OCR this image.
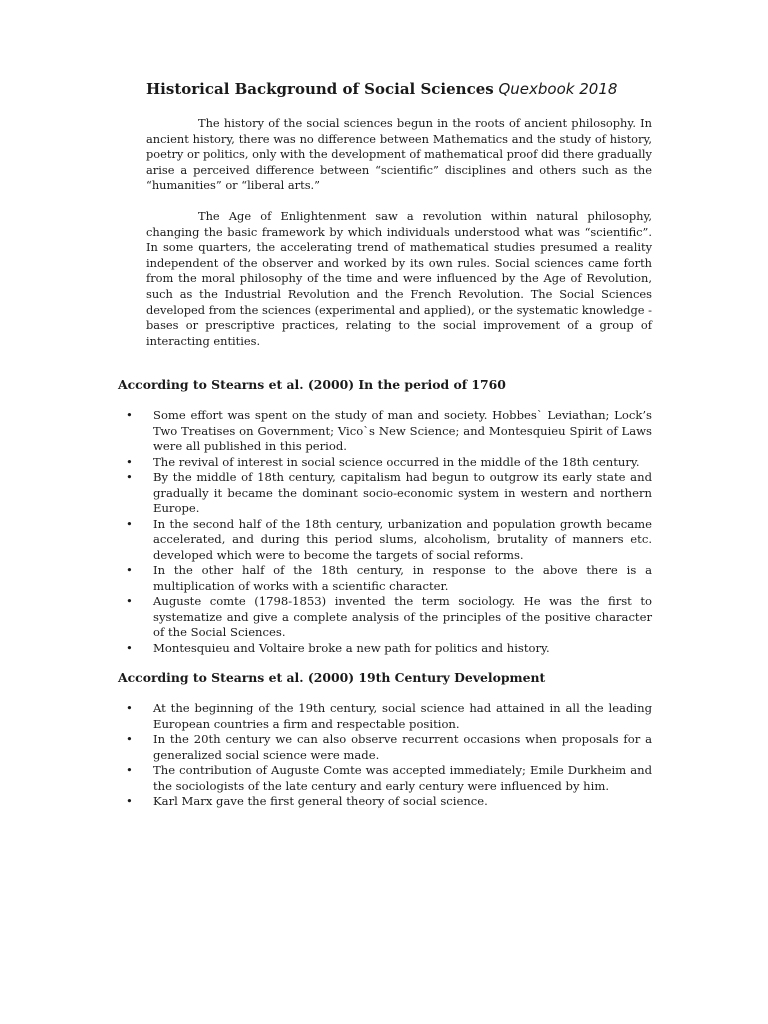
Historical Background of Social Sciences Quexbook 2018

The history of the social sciences begun in the roots of ancient philosophy. In ancient history, there was no difference between Mathematics and the study of history, poetry or politics, only with the development of mathematical proof did there gradually arise a perceived difference between “scientific” disciplines and others such as the “humanities” or “liberal arts.”

The Age of Enlightenment saw a revolution within natural philosophy, changing the basic framework by which individuals understood what was “scientific”. In some quarters, the accelerating trend of mathematical studies presumed a reality independent of the observer and worked by its own rules. Social sciences came forth from the moral philosophy of the time and were influenced by the Age of Revolution, such as the Industrial Revolution and the French Revolution. The Social Sciences developed from the sciences (experimental and applied), or the systematic knowledge - bases or prescriptive practices, relating to the social improvement of a group of interacting entities.

According to Stearns et al. (2000) In the period of 1760
• Some effort was spent on the study of man and society. Hobbes` Leviathan; Lock’s Two Treatises on Government; Vico`s New Science; and Montesquieu Spirit of Laws were all published in this period.
• The revival of interest in social science occurred in the middle of the 18th century.
• By the middle of 18th century, capitalism had begun to outgrow its early state and gradually it became the dominant socio-economic system in western and northern Europe.
• In the second half of the 18th century, urbanization and population growth became accelerated, and during this period slums, alcoholism, brutality of manners etc. developed which were to become the targets of social reforms.
• In the other half of the 18th century, in response to the above there is a multiplication of works with a scientific character.
• Auguste comte (1798-1853) invented the term sociology. He was the first to systematize and give a complete analysis of the principles of the positive character of the Social Sciences.
• Montesquieu and Voltaire broke a new path for politics and history.
According to Stearns et al. (2000) 19th Century Development
• At the beginning of the 19th century, social science had attained in all the leading European countries a firm and respectable position.
• In the 20th century we can also observe recurrent occasions when proposals for a generalized social science were made.
• The contribution of Auguste Comte was accepted immediately; Emile Durkheim and the sociologists of the late century and early century were influenced by him.
• Karl Marx gave the first general theory of social science.
